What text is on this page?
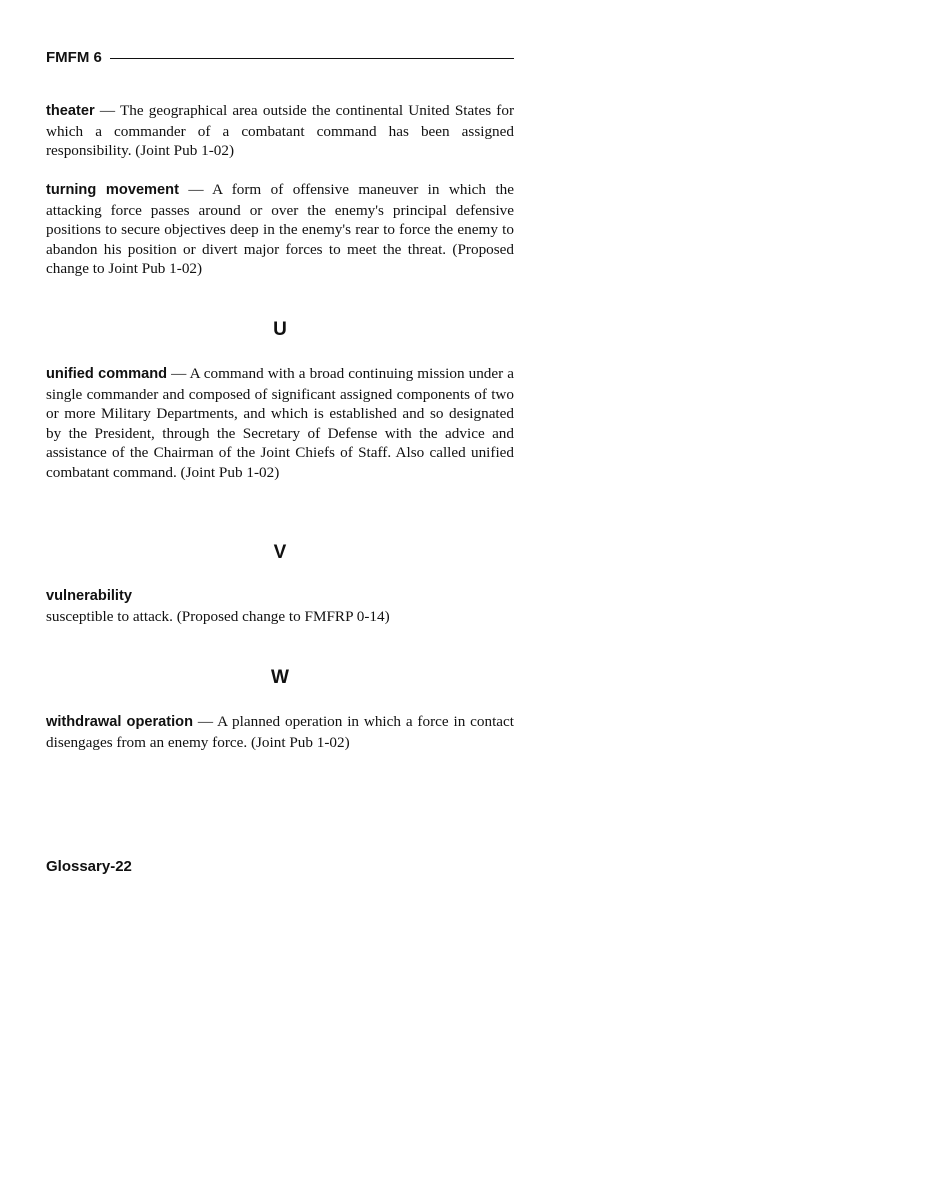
FMFM 6
theater — The geographical area outside the continental United States for which a commander of a combatant command has been assigned responsibility. (Joint Pub 1-02)
turning movement — A form of offensive maneuver in which the attacking force passes around or over the enemy's principal defensive positions to secure objectives deep in the enemy's rear to force the enemy to abandon his position or divert major forces to meet the threat. (Proposed change to Joint Pub 1-02)
U
unified command — A command with a broad continuing mission under a single commander and composed of significant assigned components of two or more Military Departments, and which is established and so designated by the President, through the Secretary of Defense with the advice and assistance of the Chairman of the Joint Chiefs of Staff. Also called unified combatant command. (Joint Pub 1-02)
V
vulnerability
susceptible to attack. (Proposed change to FMFRP 0-14)
W
withdrawal operation — A planned operation in which a force in contact disengages from an enemy force. (Joint Pub 1-02)
Glossary-22
